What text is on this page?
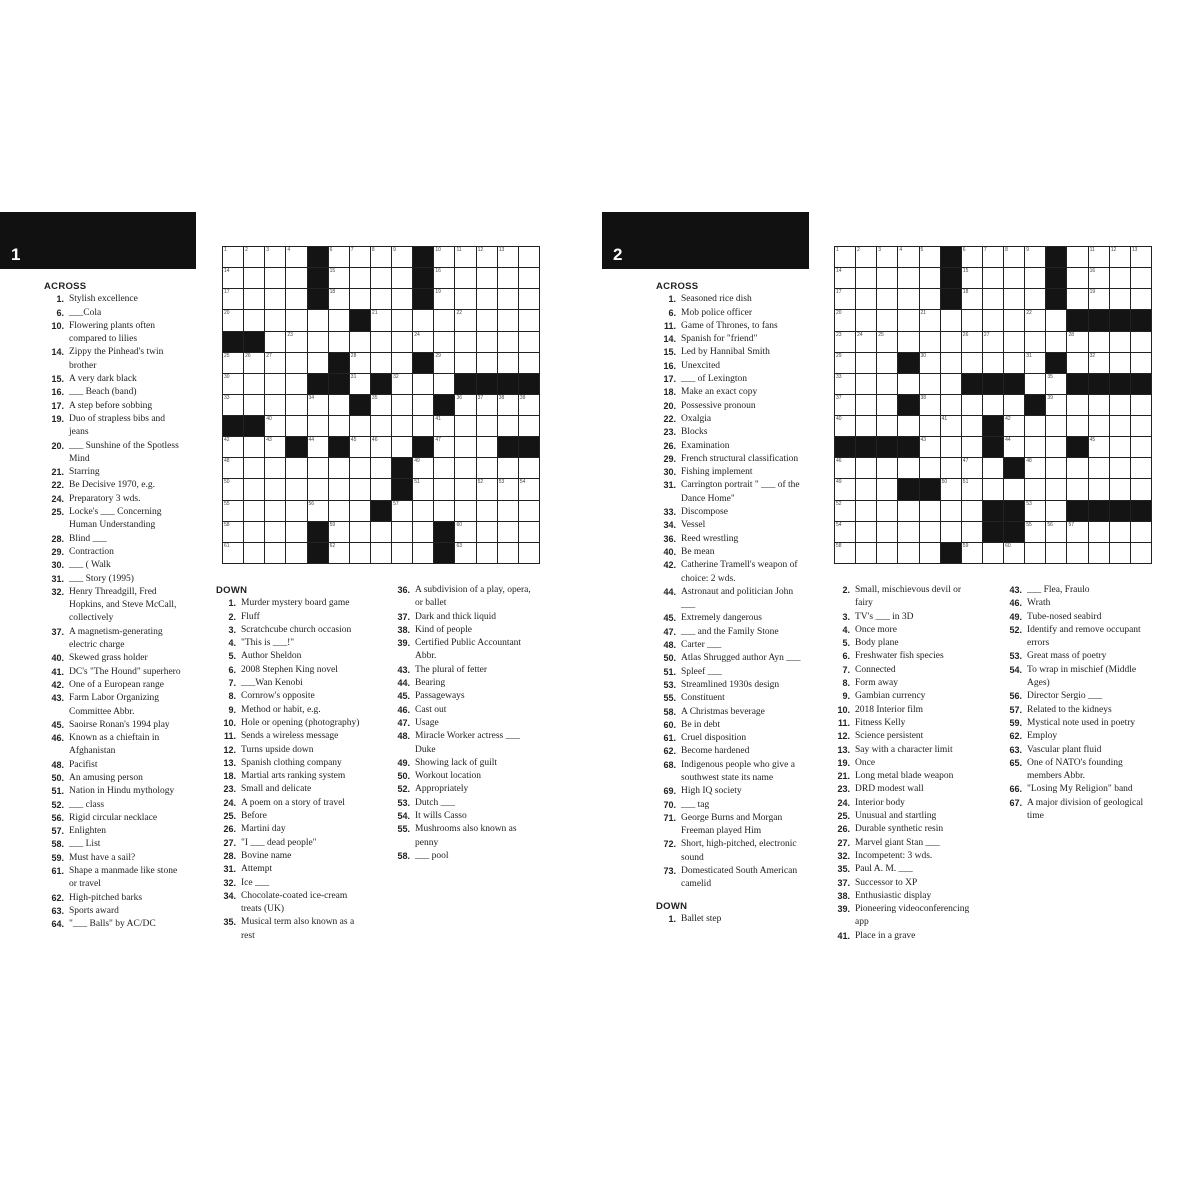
1	1	2	3	4	6	7	8	9	10	11	12	13
14	15	16
17	18	19
20	21	22
23	24
25	26	27	28	29
30	31	32
33	34	35	36	37	38	39
40	41
42	43	44	45	46	47
48	49
50	51	52	53	54
55	56	57
58	59	60
61	62	63
ACROSS
1. Stylish excellence
6. ___Cola
10. Flowering plants often compared to lilies
14. Zippy the Pinhead's twin brother
15. A very dark black
16. ___ Beach (band)
17. A step before sobbing
19. Duo of strapless bibs and jeans
20. ___ Sunshine of the Spotless Mind
21. Starring
22. Be Decisive 1970, e.g.
24. Preparatory 3 wds.
25. Locke's ___ Concerning Human Understanding
28. Blind ___
29. Contraction
30. ___ ( Walk
31. ___ Story (1995)
32. Henry Threadgill, Fred Hopkins, and Steve McCall, collectively
37. A magnetism-generating electric charge
40. Skewed grass holder
41. DC's "The Hound" superhero
42. One of a European range
43. Farm Labor Organizing Committee Abbr.
45. Saoirse Ronan's 1994 play
46. Known as a chieftain in Afghanistan
48. Pacifist
50. An amusing person
51. Nation in Hindu mythology
52. ___ class
56. Rigid circular necklace
57. Enlighten
58. ___ List
59. Must have a sail?
61. Shape a manmade like stone or travel
62. High-pitched barks
63. Sports award
64. "___ Balls" by AC/DC
DOWN
1. Murder mystery board game
2. Fluff
3. Scratchcube church occasion
4. "This is ___!"
5. Author Sheldon
6. 2008 Stephen King novel
7. ___Wan Kenobi
8. Cornrow's opposite
9. Method or habit, e.g.
10. Hole or opening (photography)
11. Sends a wireless message
12. Turns upside down
13. Spanish clothing company
18. Martial arts ranking system
23. Small and delicate
24. A poem on a story of travel
25. Before
26. Martini day
27. "I ___ dead people"
28. Bovine name
31. Attempt
32. Ice ___
34. Chocolate-coated ice-cream treats (UK)
35. Musical term also known as a rest
36. A subdivision of a play, opera, or ballet
37. Dark and thick liquid
38. Kind of people
39. Certified Public Accountant Abbr.
43. The plural of fetter
44. Bearing
45. Passageways
46. Cast out
47. Usage
48. Miracle Worker actress ___ Duke
49. Showing lack of guilt
50. Workout location
52. Appropriately
53. Dutch ___
54. It wills Casso
55. Mushrooms also known as penny
58. ___ pool
2	1	2	3	4	5	6	7	8	9	11	12	13
14	15	16
17	18	19
20	21	22
23	24	25	26	27	28
29	30	31	32
33	35
37	38	39
40	41	42
43	44	45
46	47	48
49	50	51
52	53
54	55	56	57
58	59	60
ACROSS
1. Seasoned rice dish
6. Mob police officer
11. Game of Thrones, to fans
14. Spanish for "friend"
15. Led by Hannibal Smith
16. Unexcited
17. ___ of Lexington
18. Make an exact copy
20. Possessive pronoun
22. Oxalgia
23. Blocks
26. Examination
29. French structural classification
30. Fishing implement
31. Carrington portrait " ___ of the Dance Home"
33. Discompose
34. Vessel
36. Reed wrestling
40. Be mean
42. Catherine Tramell's weapon of choice: 2 wds.
44. Astronaut and politician John ___
45. Extremely dangerous
47. ___ and the Family Stone
48. Carter ___
50. Atlas Shrugged author Ayn ___
51. Spleef ___
53. Streamlined 1930s design
55. Constituent
58. A Christmas beverage
60. Be in debt
61. Cruel disposition
62. Become hardened
68. Indigenous people who give a southwest state its name
69. High IQ society
70. ___ tag
71. George Burns and Morgan Freeman played Him
72. Short, high-pitched, electronic sound
73. Domesticated South American camelid
DOWN
1. Ballet step
2. Small, mischievous devil or fairy
3. TV's ___ in 3D
4. Once more
5. Body plane
6. Freshwater fish species
7. Connected
8. Form away
9. Gambian currency
10. 2018 Interior film
11. Fitness Kelly
12. Science persistent
13. Say with a character limit
19. Once
21. Long metal blade weapon
23. DRD modest wall
24. Interior body
25. Unusual and startling
26. Durable synthetic resin
27. Marvel giant Stan ___
32. Incompetent: 3 wds.
35. Paul A. M. ___
37. Successor to XP
38. Enthusiastic display
39. Pioneering videoconferencing app
41. Place in a grave
43. ___ Flea, Fraulo
46. Wrath
49. Tube-nosed seabird
52. Identify and remove occupant errors
53. Great mass of poetry
54. To wrap in mischief (Middle Ages)
56. Director Sergio ___
57. Related to the kidneys
59. Mystical note used in poetry
62. Employ
63. Vascular plant fluid
65. One of NATO's founding members Abbr.
66. "Losing My Religion" band
67. A major division of geological time
